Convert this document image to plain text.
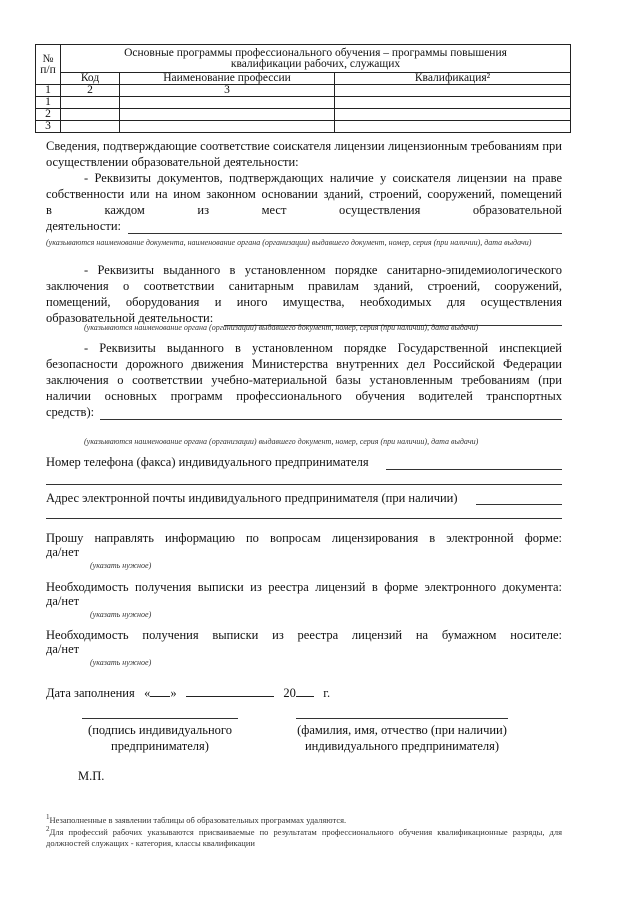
№ п/п	Основные программы профессионального обучения – программы повышения квалификации рабочих, служащих		
	Код	Наименование профессии	Квалификация²
1	2	3	
1			
2			
3			
Сведения, подтверждающие соответствие соискателя лицензии лицензионным требованиям при осуществлении образовательной деятельности:
- Реквизиты документов, подтверждающих наличие у соискателя лицензии на праве
собственности или на ином законном основании зданий, строений, сооружений, помещений
в каждом из мест осуществления образовательной
деятельности:
(указываются наименование документа, наименование органа (организации) выдавшего документ, номер, серия (при наличии), дата выдачи)
- Реквизиты выданного в установленном порядке санитарно-эпидемиологического
заключения о соответствии санитарным правилам зданий, строений, сооружений,
помещений, оборудования и иного имущества, необходимых для осуществления
образовательной деятельности:
(указываются наименование органа (организации) выдавшего документ, номер, серия (при наличии), дата выдачи)
- Реквизиты выданного в установленном порядке Государственной инспекцией
безопасности дорожного движения Министерства внутренних дел Российской Федерации
заключения о соответствии учебно-материальной базы установленным требованиям (при
наличии основных программ профессионального обучения водителей транспортных
средств):
(указываются наименование органа (организации) выдавшего документ, номер, серия (при наличии), дата выдачи)
Номер телефона (факса) индивидуального предпринимателя
Адрес электронной почты индивидуального предпринимателя (при наличии)
Прошу направлять информацию по вопросам лицензирования в электронной форме:
да/нет
(указать нужное)
Необходимость получения выписки из реестра лицензий в форме электронного документа:
да/нет
(указать нужное)
Необходимость получения выписки из реестра лицензий на бумажном носителе:
да/нет
(указать нужное)
Дата заполнения « »	20 г.
(подпись индивидуального
предпринимателя)
(фамилия, имя, отчество (при наличии)
индивидуального предпринимателя)
М.П.
$^1$Незаполненные в заявлении таблицы об образовательных программах удаляются.
$^2$Для профессий рабочих указываются присваиваемые по результатам профессионального обучения квалификационные разряды, для должностей служащих - категория, классы квалификации
